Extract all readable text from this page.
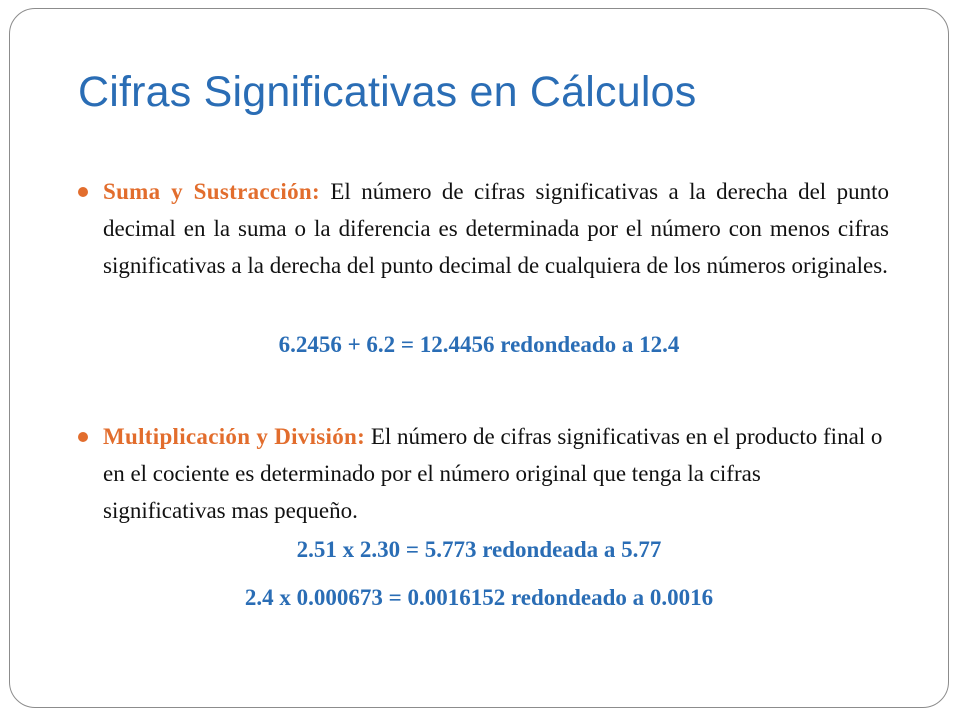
Cifras Significativas en Cálculos
Suma y Sustracción: El número de cifras significativas a la derecha del punto decimal en la suma o la diferencia es determinada por el número con menos cifras significativas a la derecha del punto decimal de cualquiera de los números originales.
6.2456 + 6.2 = 12.4456 redondeado a 12.4
Multiplicación y División: El número de cifras significativas en el producto final o en el cociente es determinado por el número original que tenga la cifras significativas mas pequeño.
2.51 x 2.30 = 5.773 redondeada a 5.77
2.4 x 0.000673 = 0.0016152 redondeado a 0.0016
